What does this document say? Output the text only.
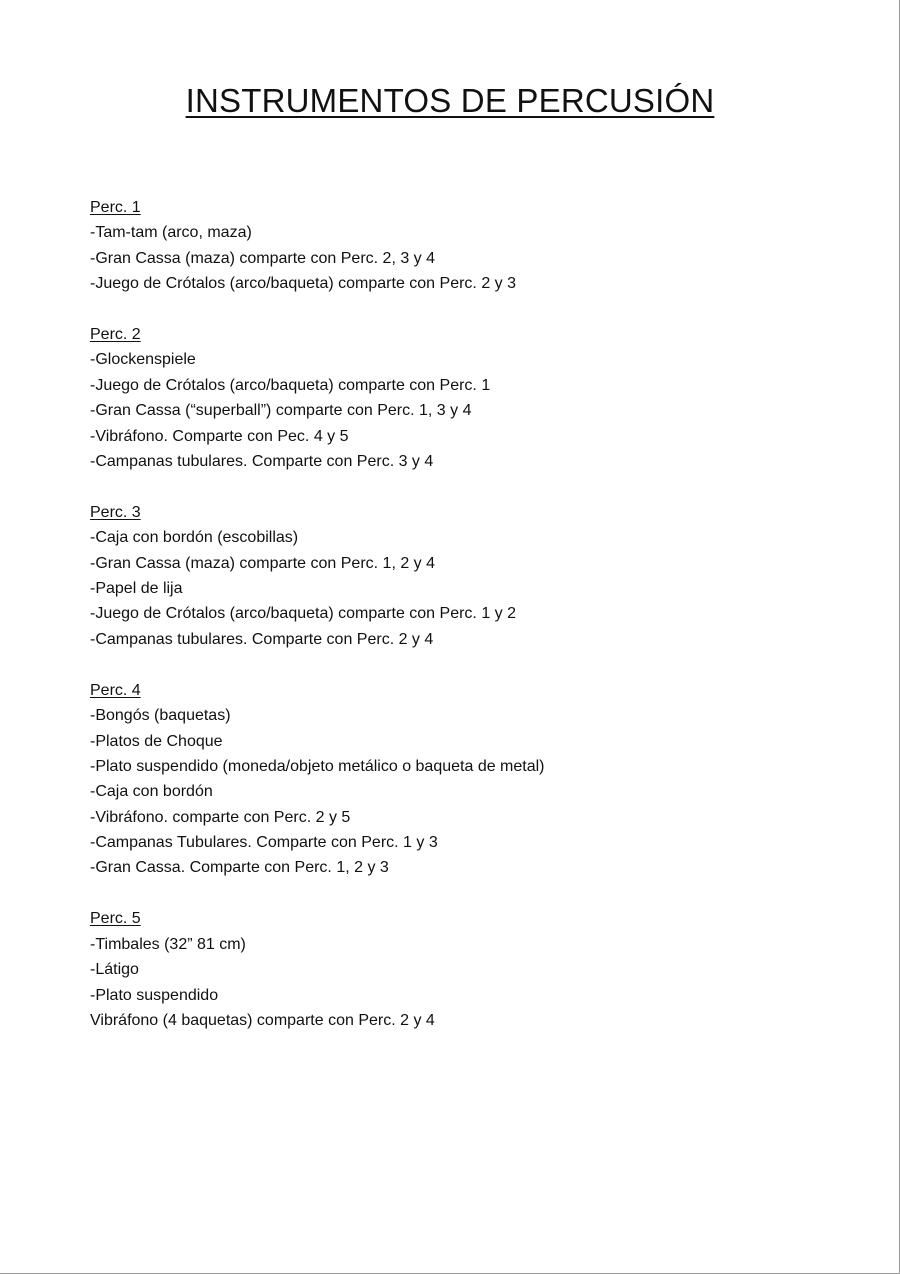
INSTRUMENTOS DE PERCUSIÓN
Perc. 1
-Tam-tam (arco, maza)
-Gran Cassa (maza) comparte con Perc. 2, 3 y 4
-Juego de Crótalos (arco/baqueta) comparte con Perc. 2 y 3
Perc. 2
-Glockenspiele
-Juego de Crótalos (arco/baqueta) comparte con Perc. 1
-Gran Cassa (“superball”) comparte con Perc. 1, 3 y 4
-Vibráfono. Comparte con Pec. 4 y 5
-Campanas tubulares. Comparte con Perc. 3 y 4
Perc. 3
-Caja con bordón (escobillas)
-Gran Cassa (maza) comparte con Perc. 1, 2 y 4
-Papel de lija
-Juego de Crótalos (arco/baqueta) comparte con Perc. 1 y 2
-Campanas tubulares. Comparte con Perc. 2 y 4
Perc. 4
-Bongós (baquetas)
-Platos de Choque
-Plato suspendido (moneda/objeto metálico o baqueta de metal)
-Caja con bordón
-Vibráfono. comparte con Perc. 2 y 5
-Campanas Tubulares. Comparte con Perc. 1 y 3
-Gran Cassa. Comparte con Perc. 1, 2 y 3
Perc. 5
-Timbales (32” 81 cm)
-Látigo
-Plato suspendido
Vibráfono (4 baquetas) comparte con Perc. 2 y 4
